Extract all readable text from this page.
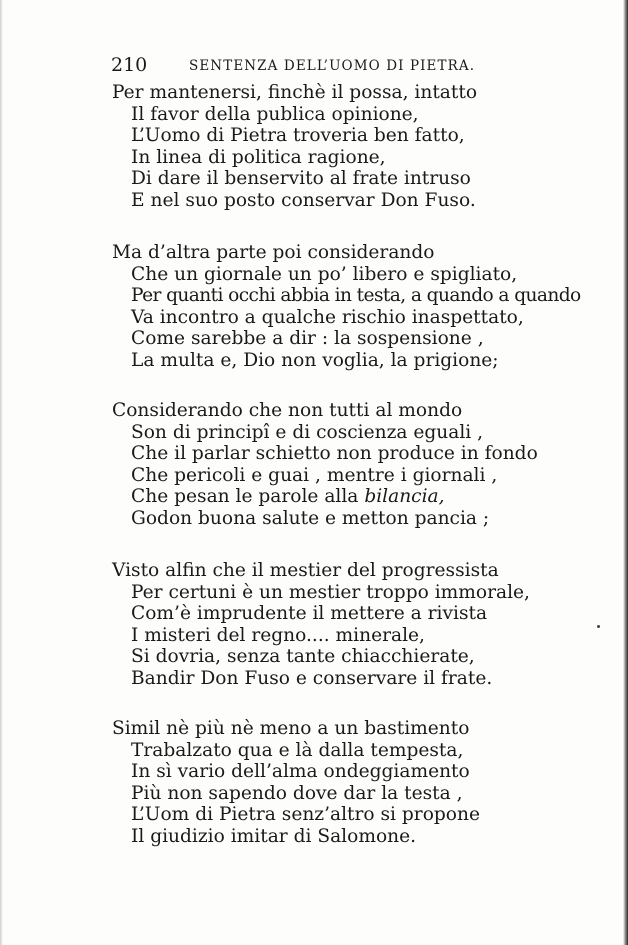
210	SENTENZA DELL’UOMO DI PIETRA.
Per mantenersi, finchè il possa, intatto
Il favor della publica opinione,
L’Uomo di Pietra troveria ben fatto,
In linea di politica ragione,
Di dare il benservito al frate intruso
E nel suo posto conservar Don Fuso.
Ma d’altra parte poi considerando
Che un giornale un po’ libero e spigliato,
Per quanti occhi abbia in testa, a quando a quando
Va incontro a qualche rischio inaspettato,
Come sarebbe a dir : la sospensione ,
La multa e, Dio non voglia, la prigione;
Considerando che non tutti al mondo
Son di principî e di coscienza eguali ,
Che il parlar schietto non produce in fondo
Che pericoli e guai , mentre i giornali ,
Che pesan le parole alla bilancia,
Godon buona salute e metton pancia ;
Visto alfin che il mestier del progressista
Per certuni è un mestier troppo immorale,
Com’è imprudente il mettere a rivista
I misteri del regno.... minerale,
Si dovria, senza tante chiacchierate,
Bandir Don Fuso e conservare il frate.
Simil nè più nè meno a un bastimento
Trabalzato qua e là dalla tempesta,
In sì vario dell’alma ondeggiamento
Più non sapendo dove dar la testa ,
L’Uom di Pietra senz’altro si propone
Il giudizio imitar di Salomone.
